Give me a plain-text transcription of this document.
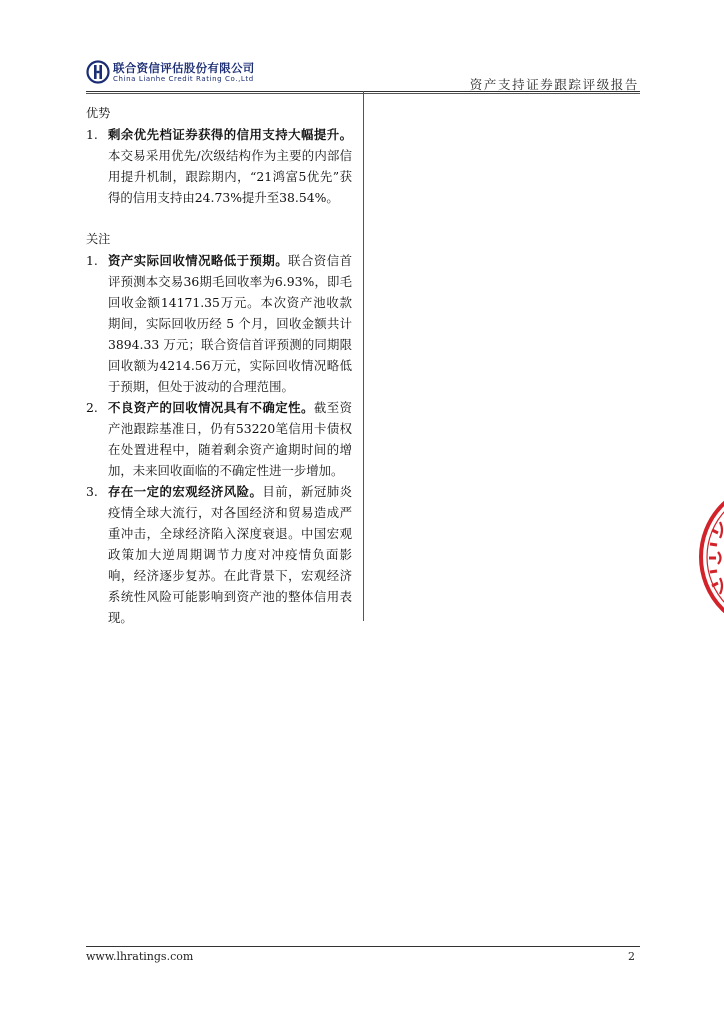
联合资信评估股份有限公司
China Lianhe Credit Rating Co.,Ltd	资产支持证券跟踪评级报告
优势
1. 剩余优先档证券获得的信用支持大幅提升。本交易采用优先/次级结构作为主要的内部信用提升机制，跟踪期内，“21鸿富5优先”获得的信用支持由24.73%提升至38.54%。
关注
1. 资产实际回收情况略低于预期。联合资信首评预测本交易36期毛回收率为6.93%，即毛回收金额14171.35万元。本次资产池收款期间，实际回收历经 5 个月，回收金额共计3894.33 万元；联合资信首评预测的同期限回收额为4214.56万元，实际回收情况略低于预期，但处于波动的合理范围。
2. 不良资产的回收情况具有不确定性。截至资产池跟踪基准日，仍有53220笔信用卡债权在处置进程中，随着剩余资产逾期时间的增加，未来回收面临的不确定性进一步增加。
3. 存在一定的宏观经济风险。目前，新冠肺炎疫情全球大流行，对各国经济和贸易造成严重冲击，全球经济陷入深度衰退。中国宏观政策加大逆周期调节力度对冲疫情负面影响，经济逐步复苏。在此背景下，宏观经济系统性风险可能影响到资产池的整体信用表现。
www.lhratings.com	2
